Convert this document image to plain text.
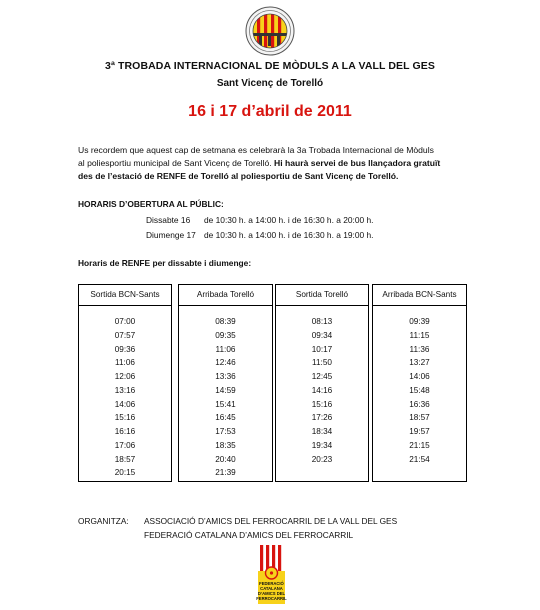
3ª TROBADA INTERNACIONAL DE MÒDULS A LA VALL DEL GES
Sant Vicenç de Torelló
16 i 17 d’abril de 2011
Us recordem que aquest cap de setmana es celebrarà la 3a Trobada Internacional de Mòduls
al poliesportiu municipal de Sant Vicenç de Torelló. Hi haurà servei de bus llançadora gratuït
des de l’estació de RENFE de Torelló al poliesportiu de Sant Vicenç de Torelló.
HORARIS D’OBERTURA AL PÚBLIC:
Dissabte 16 de 10:30 h. a 14:00 h. i de 16:30 h. a 20:00 h.
Diumenge 17 de 10:30 h. a 14:00 h. i de 16:30 h. a 19:00 h.
Horaris de RENFE per dissabte i diumenge:
Sortida BCN-Sants
07:00
07:57
09:36
11:06
12:06
13:16
14:06
15:16
16:16
17:06
18:57
20:15
Arribada Torelló
08:39
09:35
11:06
12:46
13:36
14:59
15:41
16:45
17:53
18:35
20:40
21:39
Sortida Torelló
08:13
09:34
10:17
11:50
12:45
14:16
15:16
17:26
18:34
19:34
20:23
Arribada BCN-Sants
09:39
11:15
11:36
13:27
14:06
15:48
16:36
18:57
19:57
21:15
21:54
ORGANITZA: ASSOCIACIÓ D’AMICS DEL FERROCARRIL DE LA VALL DEL GES
FEDERACIÓ CATALANA D’AMICS DEL FERROCARRIL
FEDERACIÓ
CATALANA
D’AMICS DEL
FERROCARRIL
